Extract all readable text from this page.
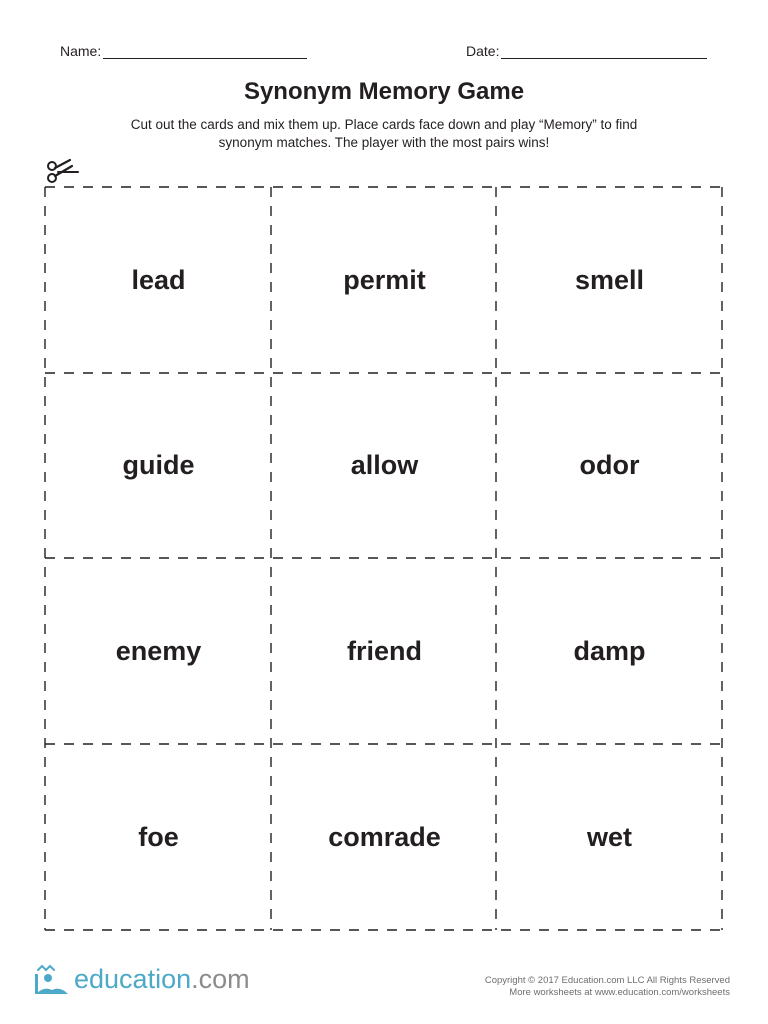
Name:	Date:
Synonym Memory Game
Cut out the cards and mix them up. Place cards face down and play “Memory” to find
synonym matches. The player with the most pairs wins!
lead	permit	smell
guide	allow	odor
enemy	friend	damp
foe	comrade	wet
education.com	Copyright © 2017 Education.com LLC All Rights Reserved
More worksheets at www.education.com/worksheets
